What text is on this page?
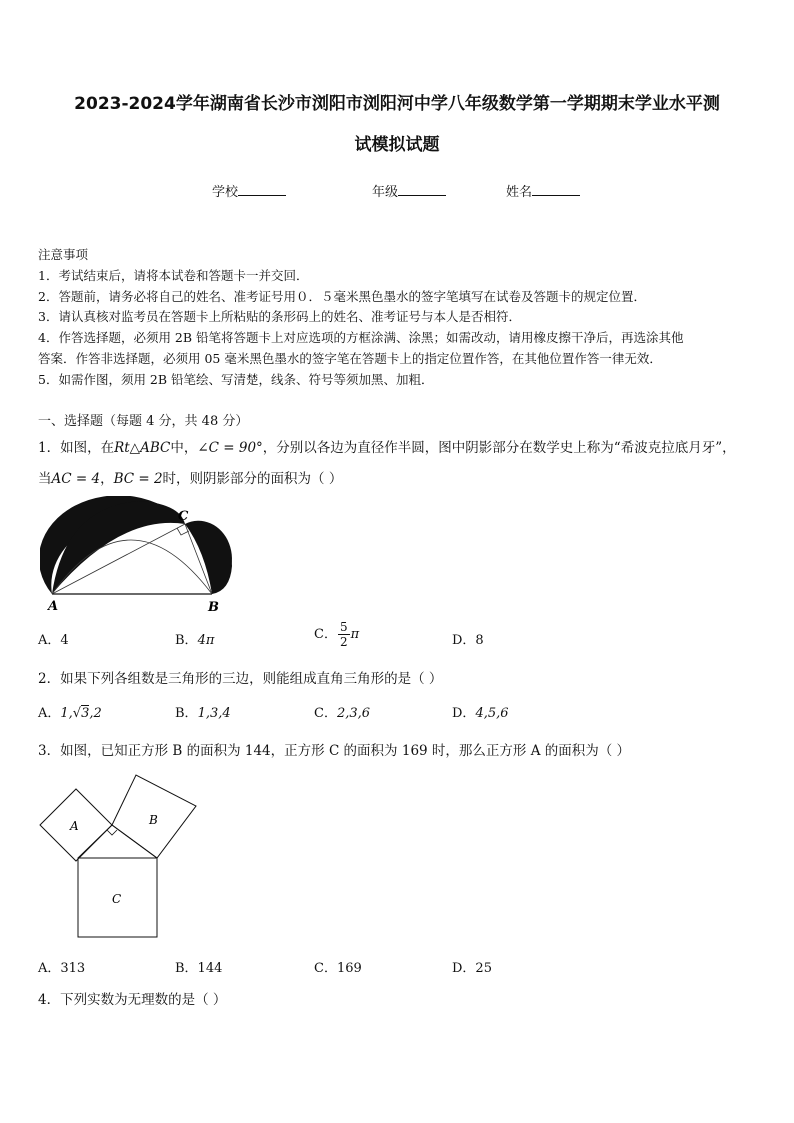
2023-2024学年湖南省长沙市浏阳市浏阳河中学八年级数学第一学期期末学业水平测
试模拟试题
学校	年级	姓名
注意事项
1．考试结束后，请将本试卷和答题卡一并交回．
2．答题前，请务必将自己的姓名、准考证号用０．５毫米黑色墨水的签字笔填写在试卷及答题卡的规定位置．
3．请认真核对监考员在答题卡上所粘贴的条形码上的姓名、准考证号与本人是否相符．
4．作答选择题，必须用 2B 铅笔将答题卡上对应选项的方框涂满、涂黑；如需改动，请用橡皮擦干净后，再选涂其他
答案．作答非选择题，必须用 05 毫米黑色墨水的签字笔在答题卡上的指定位置作答，在其他位置作答一律无效．
5．如需作图，须用 2B 铅笔绘、写清楚，线条、符号等须加黑、加粗．
一、选择题（每题 4 分，共 48 分）
1．如图，在Rt△ABC中，∠C = 90°，分别以各边为直径作半圆，图中阴影部分在数学史上称为“希波克拉底月牙”，
当AC = 4，BC = 2时，则阴影部分的面积为（ ）
A	B
C
A．4	B．4π	C． $\frac{5}{2}$ π	D．8
2．如果下列各组数是三角形的三边，则能组成直角三角形的是（ ）
A．1,√3,2	B．1,3,4	C．2,3,6	D．4,5,6
3．如图，已知正方形 B 的面积为 144，正方形 C 的面积为 169 时，那么正方形 A 的面积为（ ）
A	B
C
A．313	B．144	C．169	D．25
4．下列实数为无理数的是（ ）
